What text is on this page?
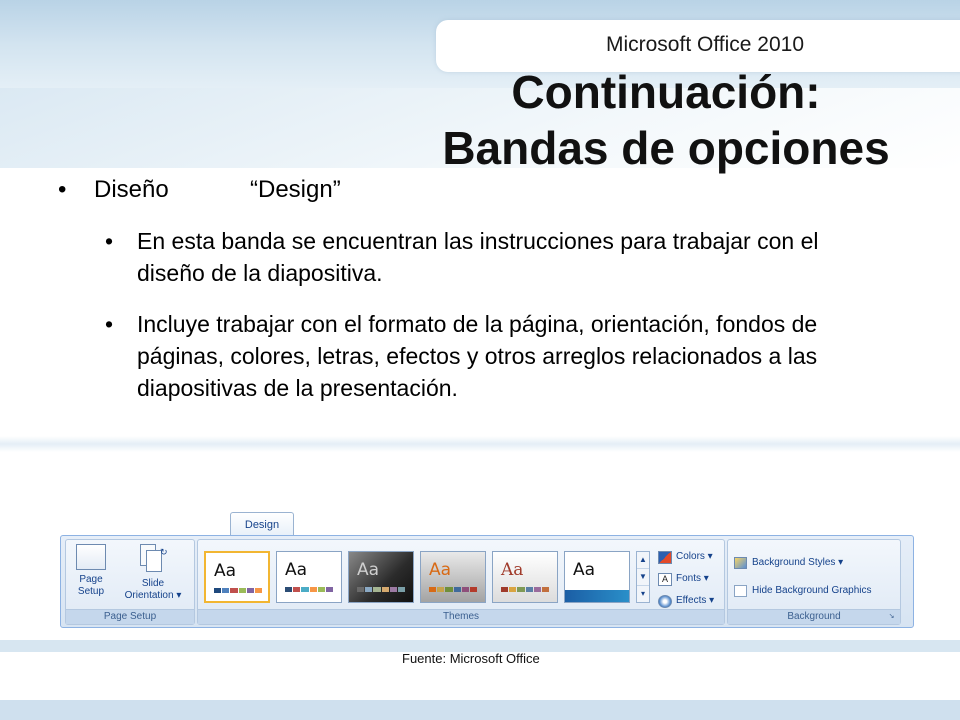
Microsoft Office 2010
Continuación:
Bandas de opciones
• Diseño	“Design”
• En esta banda se encuentran las instrucciones para trabajar con el diseño de la diapositiva.
• Incluye trabajar con el formato de la página, orientación, fondos de páginas, colores, letras, efectos y otros arreglos relacionados a las diapositivas de la presentación.
Design
Page
Setup
↻
Slide
Orientation ▾
Page Setup
Aa	Aa	Aa	Aa	Aa	Aa
▲
▼
▾
Colors ▾
A Fonts ▾
Effects ▾
Themes
Background Styles ▾
Hide Background Graphics
Background	↘
Fuente: Microsoft Office
